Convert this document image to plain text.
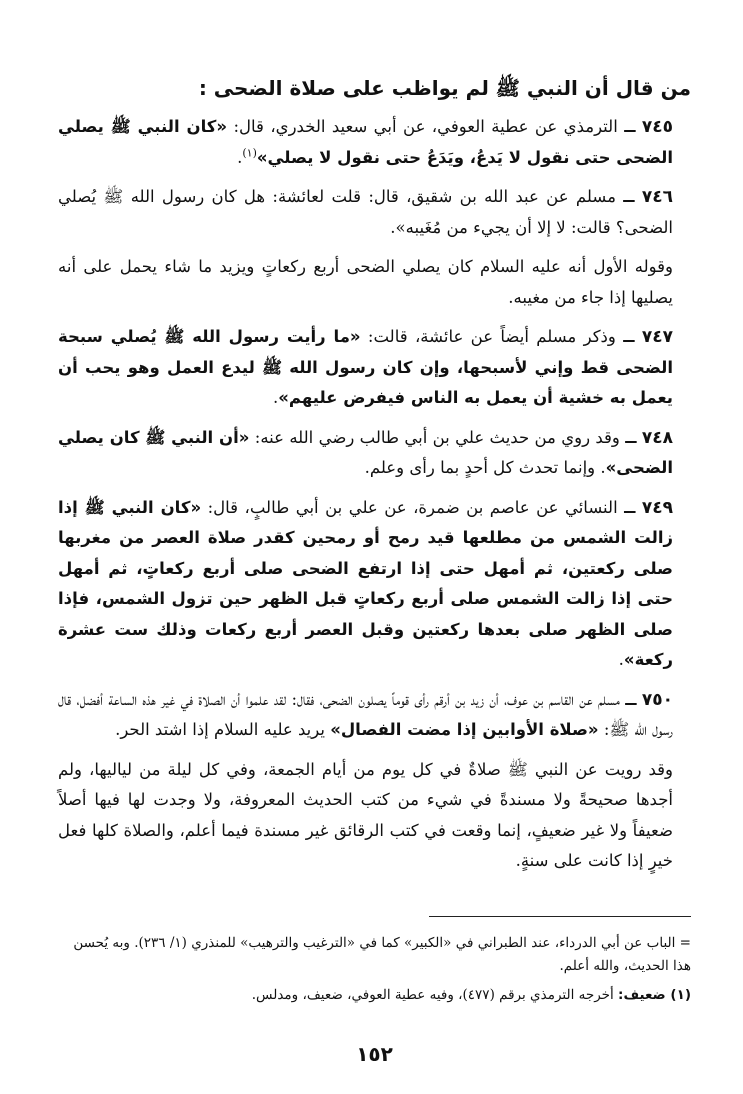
من قال أن النبي ﷺ لم يواظب على صلاة الضحى :
٧٤٥ ــ الترمذي عن عطية العوفي، عن أبي سعيد الخدري، قال: «كان النبي ﷺ يصلي الضحى حتى نقول لا يَدعُ، ويَدَعُ حتى نقول لا يصلي»$^{(١)}$.
٧٤٦ ــ مسلم عن عبد الله بن شقيق، قال: قلت لعائشة: هل كان رسول الله ﷺ يُصلي الضحى؟ قالت: لا إلا أن يجيء من مُغَيبه».
وقوله الأول أنه عليه السلام كان يصلي الضحى أربع ركعاتٍ ويزيد ما شاء يحمل على أنه يصليها إذا جاء من مغيبه.
٧٤٧ ــ وذكر مسلم أيضاً عن عائشة، قالت: «ما رأيت رسول الله ﷺ يُصلي سبحة الضحى قط وإني لأسبحها، وإن كان رسول الله ﷺ ليدع العمل وهو يحب أن يعمل به خشية أن يعمل به الناس فيفرض عليهم».
٧٤٨ ــ وقد روي من حديث علي بن أبي طالب رضي الله عنه: «أن النبي ﷺ كان يصلي الضحى». وإنما تحدث كل أحدٍ بما رأى وعلم.
٧٤٩ ــ النسائي عن عاصم بن ضمرة، عن علي بن أبي طالبٍ، قال: «كان النبي ﷺ إذا زالت الشمس من مطلعها قيد رمح أو رمحين كقدر صلاة العصر من مغربها صلى ركعتين، ثم أمهل حتى إذا ارتفع الضحى صلى أربع ركعاتٍ، ثم أمهل حتى إذا زالت الشمس صلى أربع ركعاتٍ قبل الظهر حين تزول الشمس، فإذا صلى الظهر صلى بعدها ركعتين وقبل العصر أربع ركعات وذلك ست عشرة ركعة».
٧٥٠ ــ مسلم عن القاسم بن عوف، أن زيد بن أرقم رأى قوماً يصلون الضحى، فقال: لقد علموا أن الصلاة في غير هذه الساعة أفضل، قال رسول الله ﷺ: «صلاة الأوابين إذا مضت الفصال» يريد عليه السلام إذا اشتد الحر.
وقد رويت عن النبي ﷺ صلاةٌ في كل يوم من أيام الجمعة، وفي كل ليلة من لياليها، ولم أجدها صحيحةً ولا مسندةً في شيء من كتب الحديث المعروفة، ولا وجدت لها فيها أصلاً ضعيفاً ولا غير ضعيفٍ، إنما وقعت في كتب الرقائق غير مسندة فيما أعلم، والصلاة كلها فعل خيرٍ إذا كانت على سنةٍ.
= الباب عن أبي الدرداء، عند الطبراني في «الكبير» كما في «الترغيب والترهيب» للمنذري (١/ ٢٣٦). وبه يُحسن هذا الحديث، والله أعلم.
(١) ضعيف: أخرجه الترمذي برقم (٤٧٧)، وفيه عطية العوفي، ضعيف، ومدلس.
١٥٢
